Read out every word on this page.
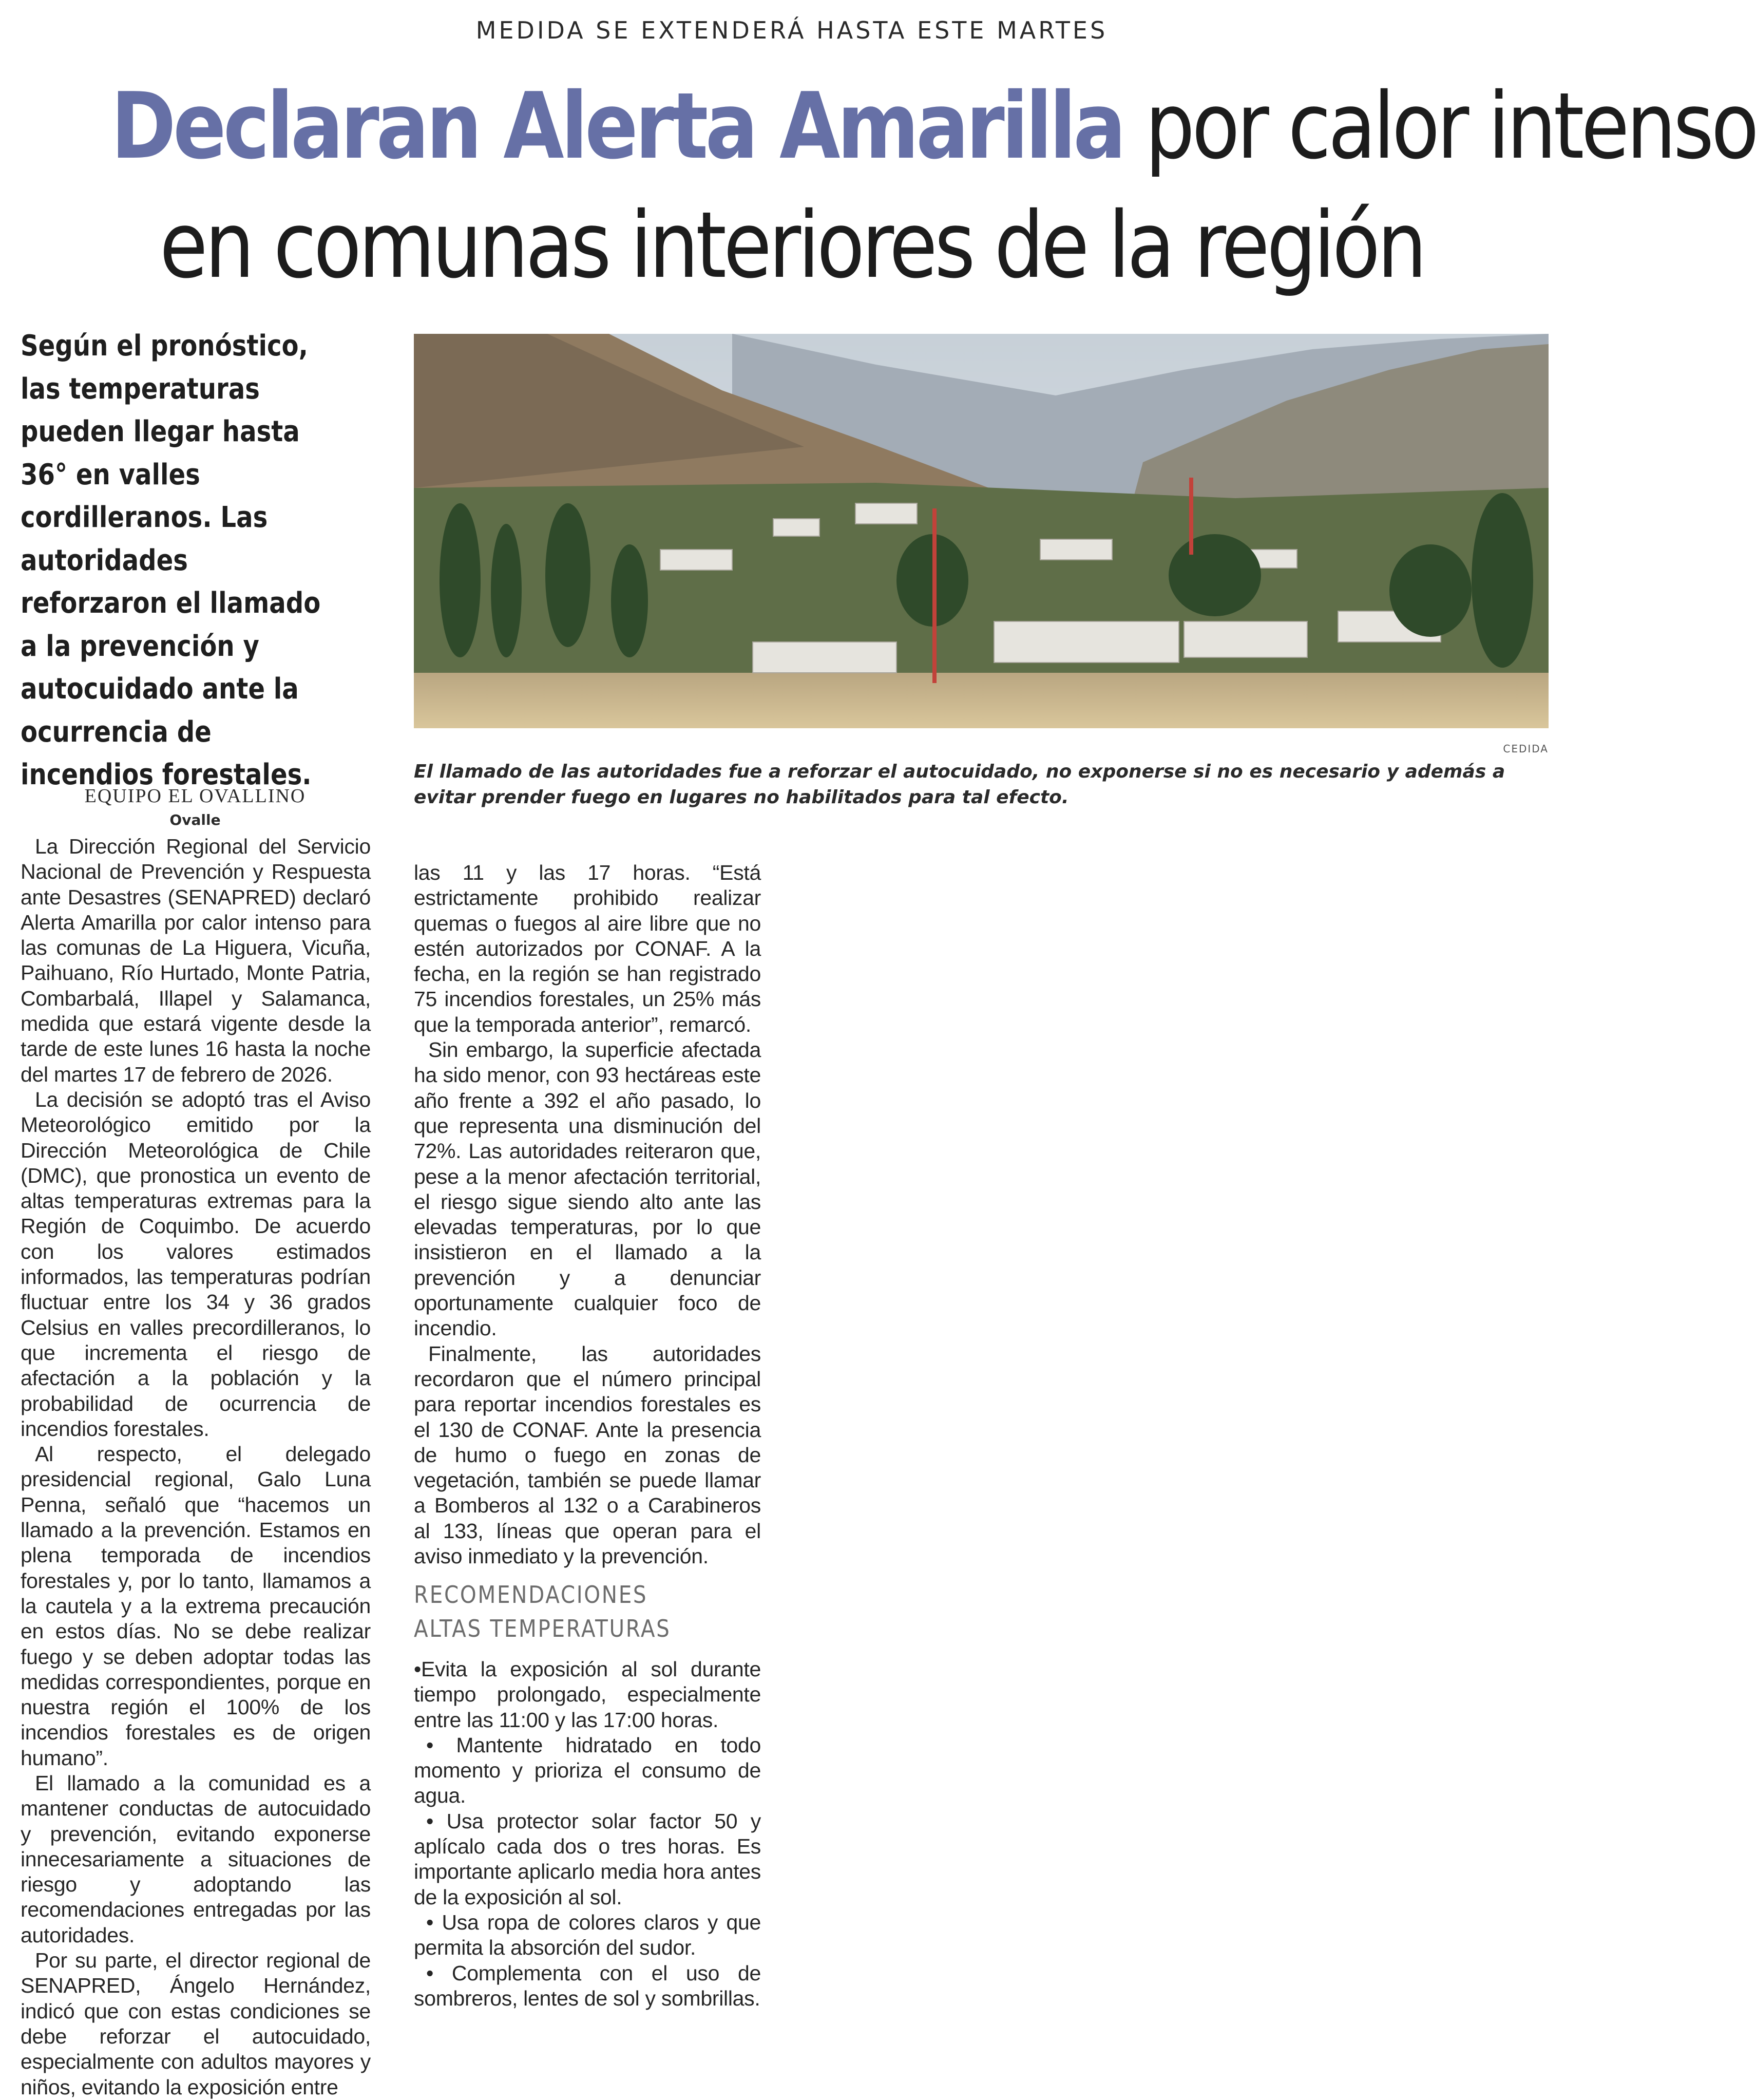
MEDIDA SE EXTENDERÁ HASTA ESTE MARTES
Declaran Alerta Amarilla por calor intenso
en comunas interiores de la región
Según el pronóstico, las temperaturas pueden llegar hasta 36° en valles cordilleranos. Las autoridades reforzaron el llamado a la prevención y autocuidado ante la ocurrencia de incendios forestales.
CEDIDA
El llamado de las autoridades fue a reforzar el autocuidado, no exponerse si no es necesario y además a evitar prender fuego en lugares no habilitados para tal efecto.
EQUIPO EL OVALLINO
Ovalle

La Dirección Regional del Servicio Nacional de Prevención y Respuesta ante Desastres (SENAPRED) declaró Alerta Amarilla por calor intenso para las comunas de La Higuera, Vicuña, Paihuano, Río Hurtado, Monte Patria, Combarbalá, Illapel y Salamanca, medida que estará vigente desde la tarde de este lunes 16 hasta la noche del martes 17 de febrero de 2026.

La decisión se adoptó tras el Aviso Meteorológico emitido por la Dirección Meteorológica de Chile (DMC), que pronostica un evento de altas temperaturas extremas para la Región de Coquimbo. De acuerdo con los valores estimados informados, las temperaturas podrían fluctuar entre los 34 y 36 grados Celsius en valles precordilleranos, lo que incrementa el riesgo de afectación a la población y la probabilidad de ocurrencia de incendios forestales.

Al respecto, el delegado presidencial regional, Galo Luna Penna, señaló que “hacemos un llamado a la prevención. Estamos en plena temporada de incendios forestales y, por lo tanto, llamamos a la cautela y a la extrema precaución en estos días. No se debe realizar fuego y se deben adoptar todas las medidas correspondientes, porque en nuestra región el 100% de los incendios forestales es de origen humano”.

El llamado a la comunidad es a mantener conductas de autocuidado y prevención, evitando exponerse innecesariamente a situaciones de riesgo y adoptando las recomendaciones entregadas por las autoridades.

Por su parte, el director regional de SENAPRED, Ángelo Hernández, indicó que con estas condiciones se debe reforzar el autocuidado, especialmente con adultos mayores y niños, evitando la exposición entre

las 11 y las 17 horas. “Está estrictamente prohibido realizar quemas o fuegos al aire libre que no estén autorizados por CONAF. A la fecha, en la región se han registrado 75 incendios forestales, un 25% más que la temporada anterior”, remarcó.

Sin embargo, la superficie afectada ha sido menor, con 93 hectáreas este año frente a 392 el año pasado, lo que representa una disminución del 72%. Las autoridades reiteraron que, pese a la menor afectación territorial, el riesgo sigue siendo alto ante las elevadas temperaturas, por lo que insistieron en el llamado a la prevención y a denunciar oportunamente cualquier foco de incendio.

Finalmente, las autoridades recordaron que el número principal para reportar incendios forestales es el 130 de CONAF. Ante la presencia de humo o fuego en zonas de vegetación, también se puede llamar a Bomberos al 132 o a Carabineros al 133, líneas que operan para el aviso inmediato y la prevención.

RECOMENDACIONES
ALTAS TEMPERATURAS

•Evita la exposición al sol durante tiempo prolongado, especialmente entre las 11:00 y las 17:00 horas.

• Mantente hidratado en todo momento y prioriza el consumo de agua.

• Usa protector solar factor 50 y aplícalo cada dos o tres horas. Es importante aplicarlo media hora antes de la exposición al sol.

• Usa ropa de colores claros y que permita la absorción del sudor.

• Complementa con el uso de sombreros, lentes de sol y sombrillas.
